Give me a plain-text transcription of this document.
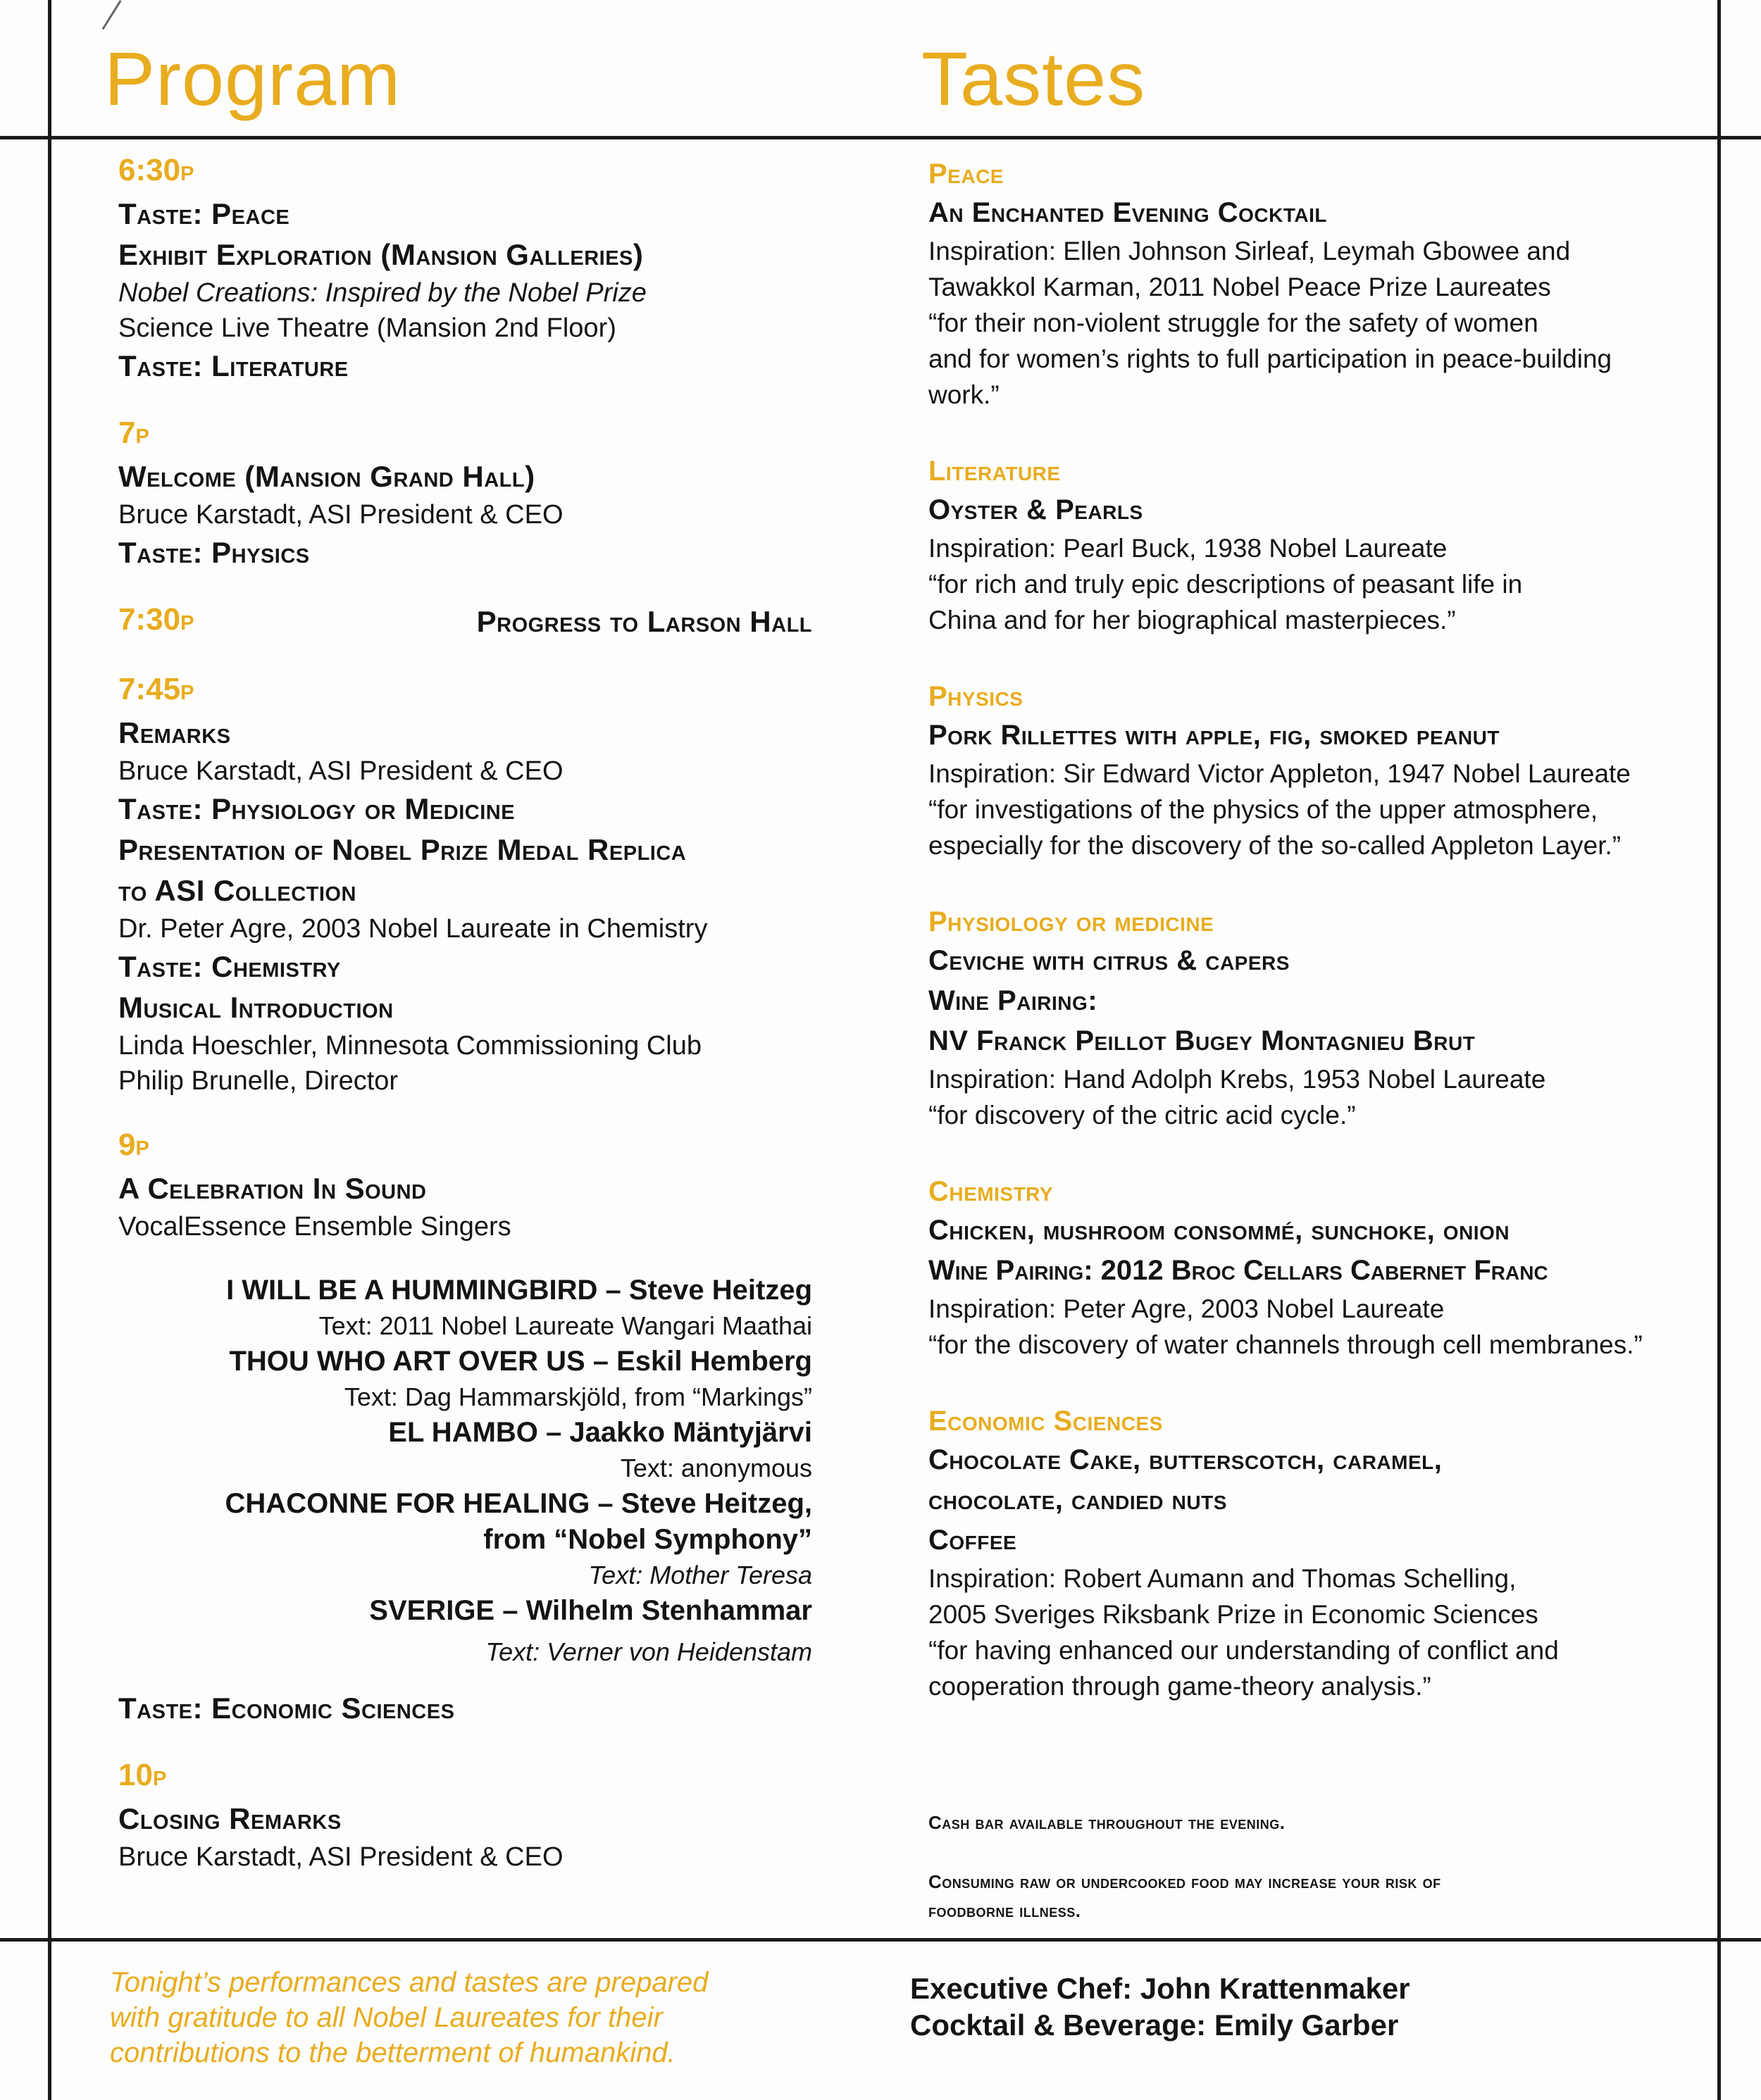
Program	Tastes
6:30P
Taste: Peace
Exhibit Exploration (Mansion Galleries)
Nobel Creations: Inspired by the Nobel Prize
Science Live Theatre (Mansion 2nd Floor)
Taste: Literature
7P
Welcome (Mansion Grand Hall)
Bruce Karstadt, ASI President & CEO
Taste: Physics
7:30P	Progress to Larson Hall
7:45P
Remarks
Bruce Karstadt, ASI President & CEO
Taste: Physiology or Medicine
Presentation of Nobel Prize Medal Replica
to ASI Collection
Dr. Peter Agre, 2003 Nobel Laureate in Chemistry
Taste: Chemistry
Musical Introduction
Linda Hoeschler, Minnesota Commissioning Club
Philip Brunelle, Director
9P
A Celebration In Sound
VocalEssence Ensemble Singers
I WILL BE A HUMMINGBIRD – Steve Heitzeg
Text: 2011 Nobel Laureate Wangari Maathai
THOU WHO ART OVER US – Eskil Hemberg
Text: Dag Hammarskjöld, from “Markings”
EL HAMBO – Jaakko Mäntyjärvi
Text: anonymous
CHACONNE FOR HEALING – Steve Heitzeg,
from “Nobel Symphony”
Text: Mother Teresa
SVERIGE – Wilhelm Stenhammar
Text: Verner von Heidenstam
Taste: Economic Sciences
10P
Closing Remarks
Bruce Karstadt, ASI President & CEO
Peace
An Enchanted Evening Cocktail
Inspiration: Ellen Johnson Sirleaf, Leymah Gbowee and
Tawakkol Karman, 2011 Nobel Peace Prize Laureates
“for their non-violent struggle for the safety of women
and for women’s rights to full participation in peace-building
work.”
Literature
Oyster & Pearls
Inspiration: Pearl Buck, 1938 Nobel Laureate
“for rich and truly epic descriptions of peasant life in
China and for her biographical masterpieces.”
Physics
Pork Rillettes with apple, fig, smoked peanut
Inspiration: Sir Edward Victor Appleton, 1947 Nobel Laureate
“for investigations of the physics of the upper atmosphere,
especially for the discovery of the so-called Appleton Layer.”
Physiology or medicine
Ceviche with citrus & capers
Wine Pairing:
NV Franck Peillot Bugey Montagnieu Brut
Inspiration: Hand Adolph Krebs, 1953 Nobel Laureate
“for discovery of the citric acid cycle.”
Chemistry
Chicken, mushroom consommé, sunchoke, onion
Wine Pairing: 2012 Broc Cellars Cabernet Franc
Inspiration: Peter Agre, 2003 Nobel Laureate
“for the discovery of water channels through cell membranes.”
Economic Sciences
Chocolate Cake, butterscotch, caramel,
chocolate, candied nuts
Coffee
Inspiration: Robert Aumann and Thomas Schelling,
2005 Sveriges Riksbank Prize in Economic Sciences
“for having enhanced our understanding of conflict and
cooperation through game-theory analysis.”
Cash bar available throughout the evening.
Consuming raw or undercooked food may increase your risk of
foodborne illness.
Tonight’s performances and tastes are prepared
with gratitude to all Nobel Laureates for their
contributions to the betterment of humankind.
Executive Chef: John Krattenmaker
Cocktail & Beverage: Emily Garber
